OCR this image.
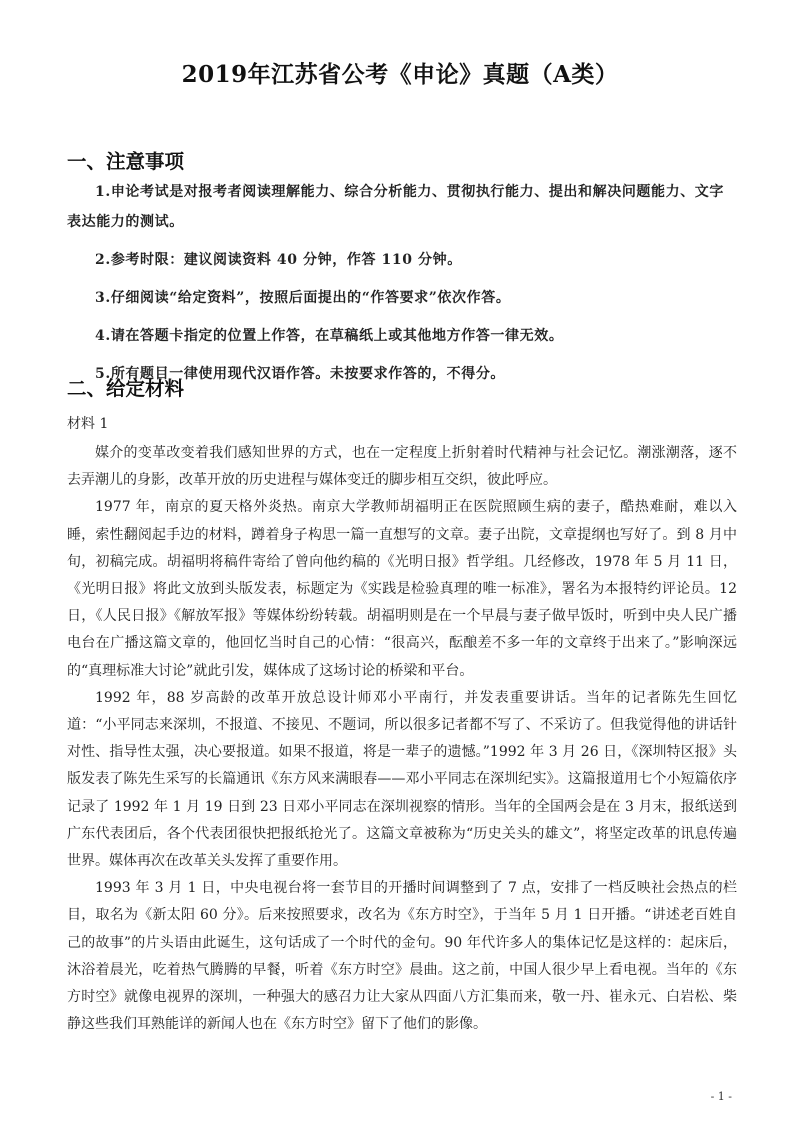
2019年江苏省公考《申论》真题（A类）
一、注意事项

1.申论考试是对报考者阅读理解能力、综合分析能力、贯彻执行能力、提出和解决问题能力、文字表达能力的测试。

2.参考时限：建议阅读资料 40 分钟，作答 110 分钟。

3.仔细阅读“给定资料”，按照后面提出的“作答要求”依次作答。

4.请在答题卡指定的位置上作答，在草稿纸上或其他地方作答一律无效。

5.所有题目一律使用现代汉语作答。未按要求作答的，不得分。

二、给定材料
材料 1

媒介的变革改变着我们感知世界的方式，也在一定程度上折射着时代精神与社会记忆。潮涨潮落，逐不去弄潮儿的身影，改革开放的历史进程与媒体变迁的脚步相互交织，彼此呼应。

1977 年，南京的夏天格外炎热。南京大学教师胡福明正在医院照顾生病的妻子，酷热难耐，难以入睡，索性翻阅起手边的材料，蹲着身子构思一篇一直想写的文章。妻子出院，文章提纲也写好了。到 8 月中旬，初稿完成。胡福明将稿件寄给了曾向他约稿的《光明日报》哲学组。几经修改，1978 年 5 月 11 日，《光明日报》将此文放到头版发表，标题定为《实践是检验真理的唯一标准》，署名为本报特约评论员。12 日，《人民日报》《解放军报》等媒体纷纷转载。胡福明则是在一个早晨与妻子做早饭时，听到中央人民广播电台在广播这篇文章的，他回忆当时自己的心情：“很高兴，酝酿差不多一年的文章终于出来了。”影响深远的“真理标准大讨论”就此引发，媒体成了这场讨论的桥梁和平台。

1992 年，88 岁高龄的改革开放总设计师邓小平南行，并发表重要讲话。当年的记者陈先生回忆道：“小平同志来深圳，不报道、不接见、不题词，所以很多记者都不写了、不采访了。但我觉得他的讲话针对性、指导性太强，决心要报道。如果不报道，将是一辈子的遗憾。”1992 年 3 月 26 日，《深圳特区报》头版发表了陈先生采写的长篇通讯《东方风来满眼春——邓小平同志在深圳纪实》。这篇报道用七个小短篇依序记录了 1992 年 1 月 19 日到 23 日邓小平同志在深圳视察的情形。当年的全国两会是在 3 月末，报纸送到广东代表团后，各个代表团很快把报纸抢光了。这篇文章被称为“历史关头的雄文”，将坚定改革的讯息传遍世界。媒体再次在改革关头发挥了重要作用。

1993 年 3 月 1 日，中央电视台将一套节目的开播时间调整到了 7 点，安排了一档反映社会热点的栏目，取名为《新太阳 60 分》。后来按照要求，改名为《东方时空》，于当年 5 月 1 日开播。“讲述老百姓自己的故事”的片头语由此诞生，这句话成了一个时代的金句。90 年代许多人的集体记忆是这样的：起床后，沐浴着晨光，吃着热气腾腾的早餐，听着《东方时空》晨曲。这之前，中国人很少早上看电视。当年的《东方时空》就像电视界的深圳，一种强大的感召力让大家从四面八方汇集而来，敬一丹、崔永元、白岩松、柴静这些我们耳熟能详的新闻人也在《东方时空》留下了他们的影像。

- 1 -
